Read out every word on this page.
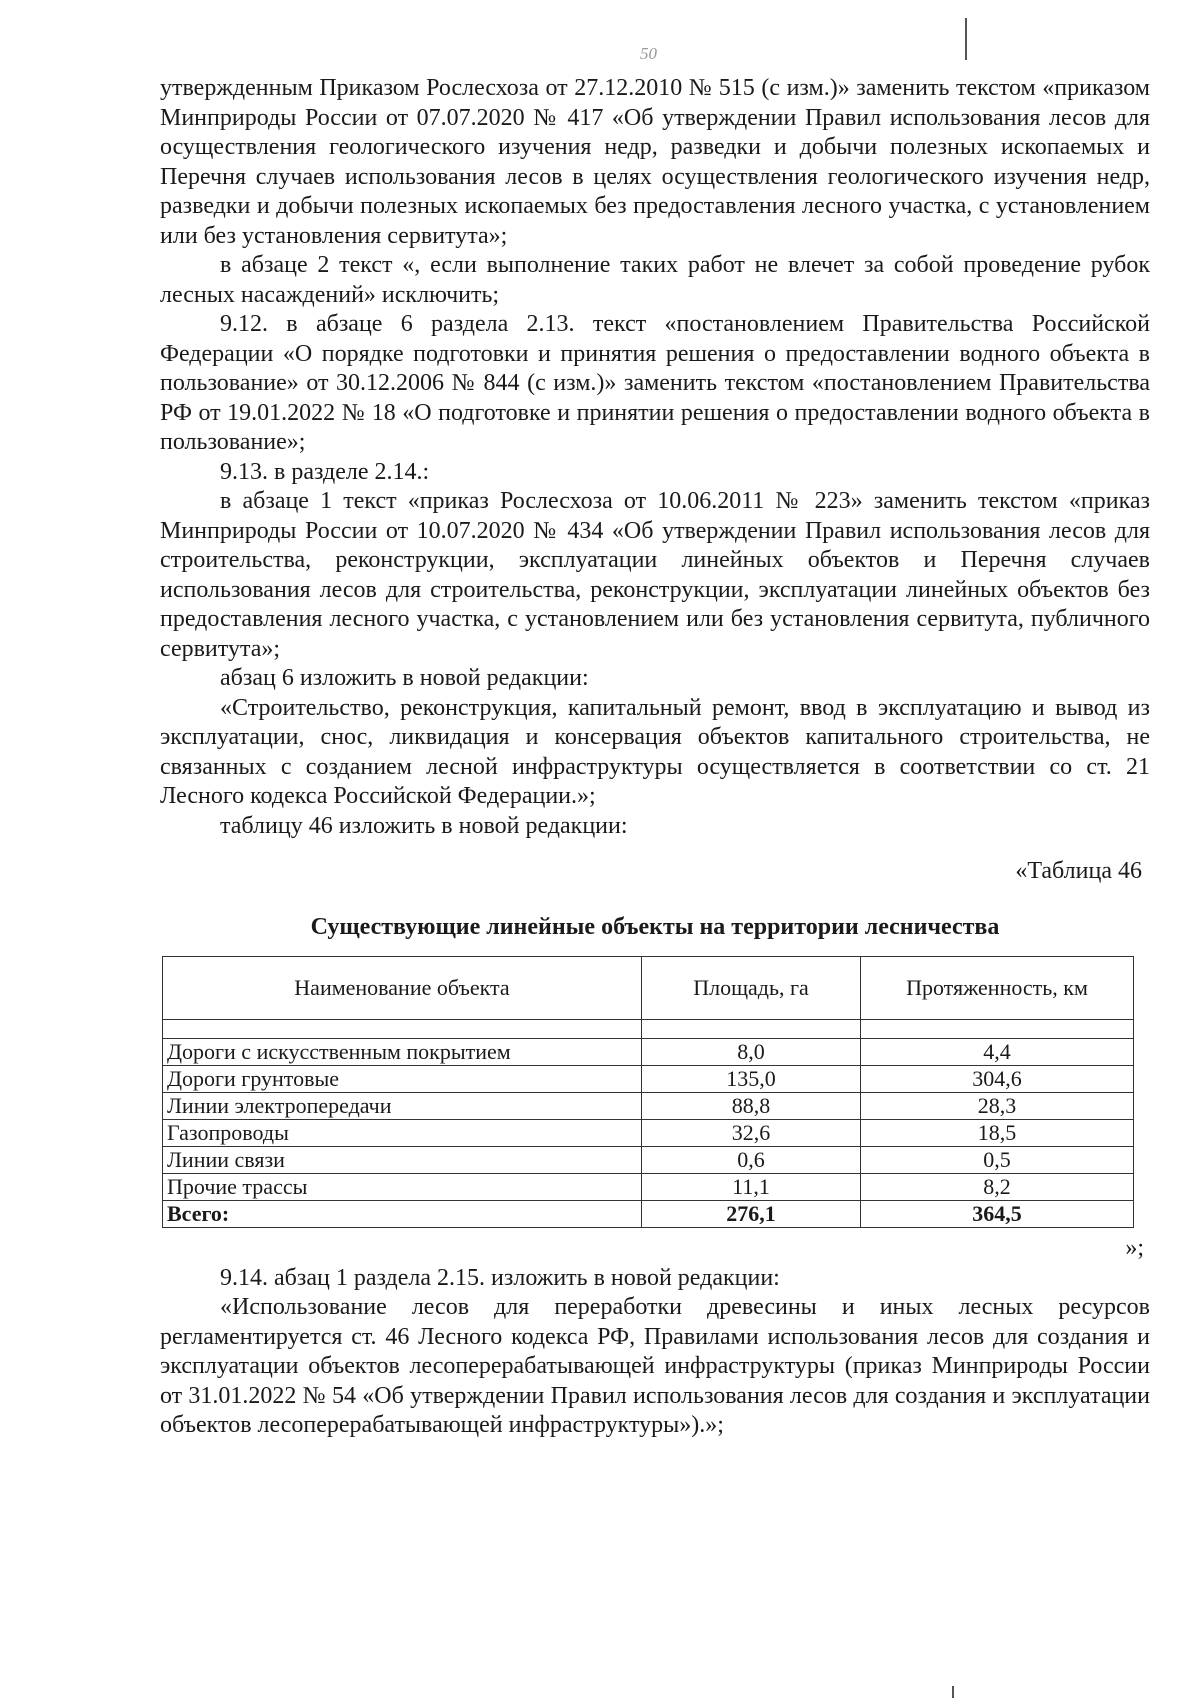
50

утвержденным Приказом Рослесхоза от 27.12.2010 № 515 (с изм.)» заменить текстом «приказом Минприроды России от 07.07.2020 № 417 «Об утверждении Правил использования лесов для осуществления геологического изучения недр, разведки и добычи полезных ископаемых и Перечня случаев использования лесов в целях осуществления геологического изучения недр, разведки и добычи полезных ископаемых без предоставления лесного участка, с установлением или без установления сервитута»;

в абзаце 2 текст «, если выполнение таких работ не влечет за собой проведение рубок лесных насаждений» исключить;

9.12. в абзаце 6 раздела 2.13. текст «постановлением Правительства Российской Федерации «О порядке подготовки и принятия решения о предоставлении водного объекта в пользование» от 30.12.2006 № 844 (с изм.)» заменить текстом «постановлением Правительства РФ от 19.01.2022 № 18 «О подготовке и принятии решения о предоставлении водного объекта в пользование»;

9.13. в разделе 2.14.:

в абзаце 1 текст «приказ Рослесхоза от 10.06.2011 № 223» заменить текстом «приказ Минприроды России от 10.07.2020 № 434 «Об утверждении Правил использования лесов для строительства, реконструкции, эксплуатации линейных объектов и Перечня случаев использования лесов для строительства, реконструкции, эксплуатации линейных объектов без предоставления лесного участка, с установлением или без установления сервитута, публичного сервитута»;

абзац 6 изложить в новой редакции:

«Строительство, реконструкция, капитальный ремонт, ввод в эксплуатацию и вывод из эксплуатации, снос, ликвидация и консервация объектов капитального строительства, не связанных с созданием лесной инфраструктуры осуществляется в соответствии со ст. 21 Лесного кодекса Российской Федерации.»;

таблицу 46 изложить в новой редакции:

«Таблица 46

Существующие линейные объекты на территории лесничества

Наименование объекта	Площадь, га	Протяженность, км

Дороги с искусственным покрытием	8,0	4,4
Дороги грунтовые	135,0	304,6
Линии электропередачи	88,8	28,3
Газопроводы	32,6	18,5
Линии связи	0,6	0,5
Прочие трассы	11,1	8,2
Всего:	276,1	364,5

»;

9.14. абзац 1 раздела 2.15. изложить в новой редакции:

«Использование лесов для переработки древесины и иных лесных ресурсов регламентируется ст. 46 Лесного кодекса РФ, Правилами использования лесов для создания и эксплуатации объектов лесоперерабатывающей инфраструктуры (приказ Минприроды России от 31.01.2022 № 54 «Об утверждении Правил использования лесов для создания и эксплуатации объектов лесоперерабатывающей инфраструктуры»).»;
